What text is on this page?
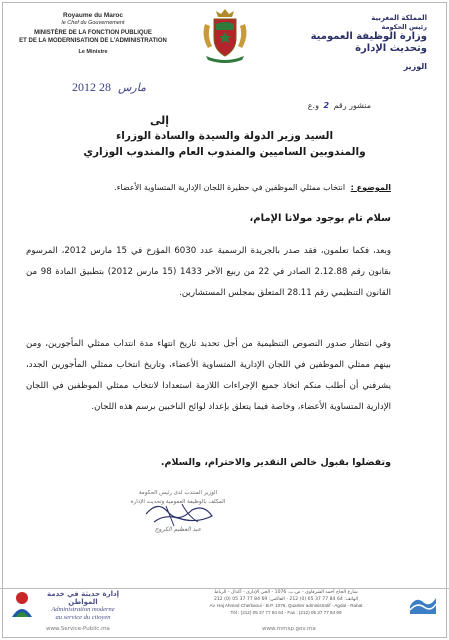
Royaume du Maroc
le Chef du Gouvernement
MINISTÈRE DE LA FONCTION PUBLIQUE
ET DE LA MODERNISATION DE L'ADMINISTRATION
Le Ministre
المملكة المغربية
رئيس الحكومة
وزارة الوظيفة العمومية
وتحديث الإدارة
الوزير
2012 مارس 28
منشور رقم 2 و.ع
إلى
السيد وزير الدولة والسيدة والسادة الوزراء
والمندوبين الساميين والمندوب العام والمندوب الوزاري
الموضوع : انتخاب ممثلي الموظفين في حظيرة اللجان الإدارية المتساوية الأعضاء.
سلام تام بوجود مولانا الإمام،
وبعد، فكما تعلمون، فقد صدر بالجريدة الرسمية عدد 6030 المؤرخ في 15 مارس 2012، المرسوم بقانون رقم 2.12.88 الصادر في 22 من ربيع الآخر 1433 (15 مارس 2012) بتطبيق المادة 98 من القانون التنظيمي رقم 28.11 المتعلق بمجلس المستشارين.
وفي انتظار صدور النصوص التنظيمية من أجل تحديد تاريخ انتهاء مدة انتداب ممثلي المأجورين، ومن بينهم ممثلي الموظفين في اللجان الإدارية المتساوية الأعضاء، وتاريخ انتخاب ممثلي المأجورين الجدد، يشرفني أن أطلب منكم اتخاذ جميع الإجراءات اللازمة استعدادا لانتخاب ممثلي الموظفين في اللجان الإدارية المتساوية الأعضاء، وخاصة فيما يتعلق بإعداد لوائح الناخبين برسم هذه اللجان.
وتفضلوا بقبول خالص التقدير والاحترام، والسلام.
الوزير المنتدب لدى رئيس الحكومة
المكلف بالوظيفة العمومية وتحديث الإدارة
عبد العظيم الكروج
إدارة حديثة في خدمة المواطن
Administration moderne
au service du citoyen
www.Service-Public.ma
شارع الحاج أحمد الشرقاوي - ص.ب. 1076 - الحي الإداري - أكدال - الرباط
الهاتف: 64 84 77 37 05 (0) 212 - الفاكس: 69 84 77 37 05 (0) 212
Av. Haj Ahmed Cherkaoui - B.P. 1076, Quartier administratif - Agdal - Rabat
Tél : (212) 05 37 77 84 64 - Fax : (212) 05 37 77 84 69
www.mmsp.gov.ma
